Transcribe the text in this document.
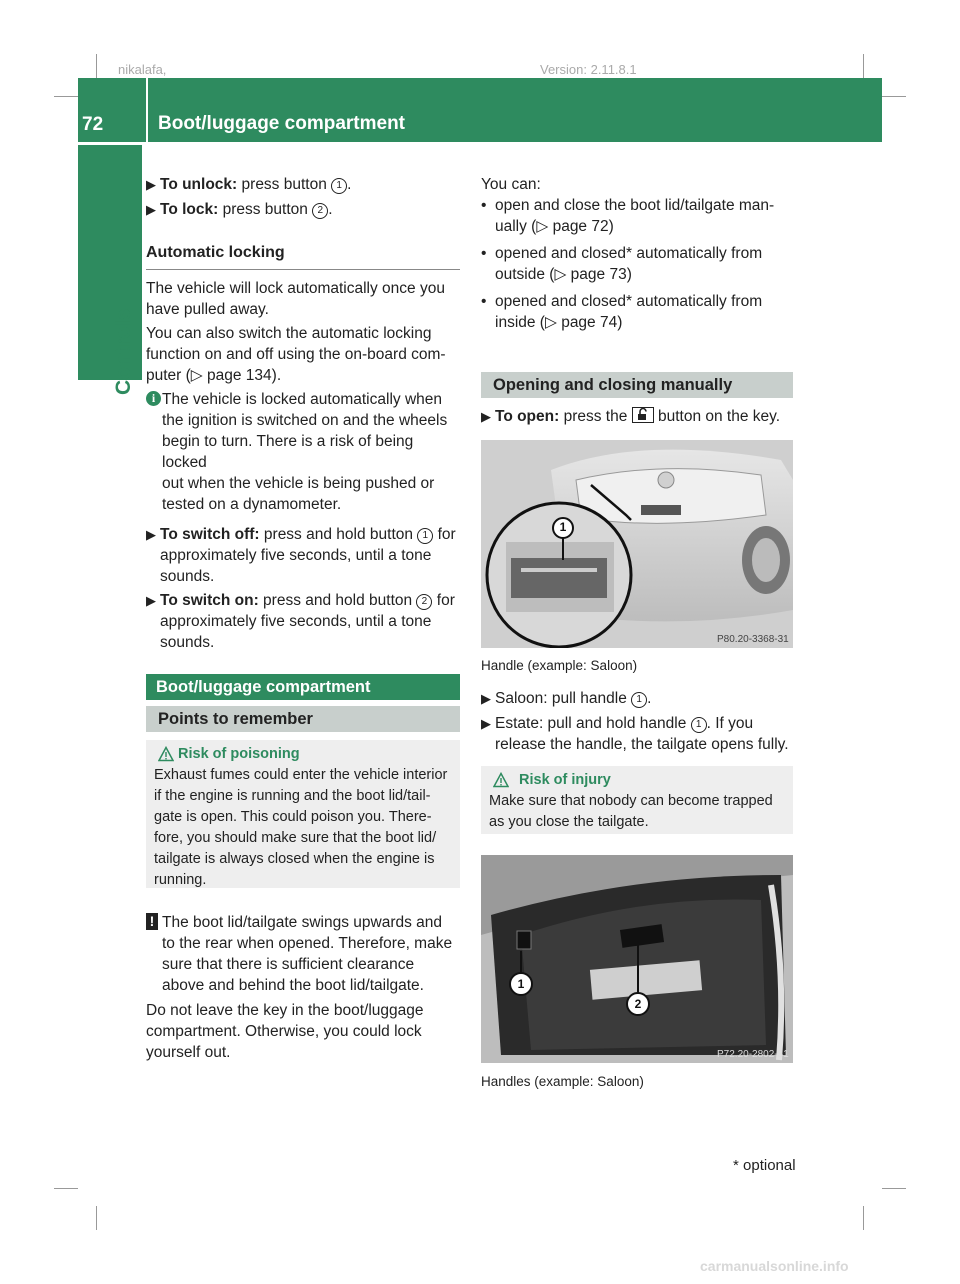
nikalafa,	Version: 2.11.8.1
72	Boot/luggage compartment
Controls

▶ To unlock: press button 1 .

▶ To lock: press button 2 .

Automatic locking

The vehicle will lock automatically once you
have pulled away.

You can also switch the automatic locking
function on and off using the on-board com-
puter (▷ page 134).

i The vehicle is locked automatically when
the ignition is switched on and the wheels
begin to turn. There is a risk of being locked
out when the vehicle is being pushed or
tested on a dynamometer.

▶ To switch off: press and hold button 1 for
approximately five seconds, until a tone
sounds.

▶ To switch on: press and hold button 2 for
approximately five seconds, until a tone
sounds.

Boot/luggage compartment
Points to remember
Risk of poisoning
Exhaust fumes could enter the vehicle interior
if the engine is running and the boot lid/tail-
gate is open. This could poison you. There-
fore, you should make sure that the boot lid/
tailgate is always closed when the engine is
running.

! The boot lid/tailgate swings upwards and
to the rear when opened. Therefore, make
sure that there is sufficient clearance
above and behind the boot lid/tailgate.

Do not leave the key in the boot/luggage
compartment. Otherwise, you could lock
yourself out.

You can:

• open and close the boot lid/tailgate man-
ually (▷ page 72)

• opened and closed* automatically from
outside (▷ page 73)

• opened and closed* automatically from
inside (▷ page 74)

Opening and closing manually

▶ To open: press the button on the key.

1
P80.20-3368-31
Handle (example: Saloon)

▶ Saloon: pull handle 1 .

▶ Estate: pull and hold handle 1 . If you
release the handle, the tailgate opens fully.

Risk of injury
Make sure that nobody can become trapped
as you close the tailgate.
1
2
P72.20-2802-31
Handles (example: Saloon)
* optional
carmanualsonline.info
